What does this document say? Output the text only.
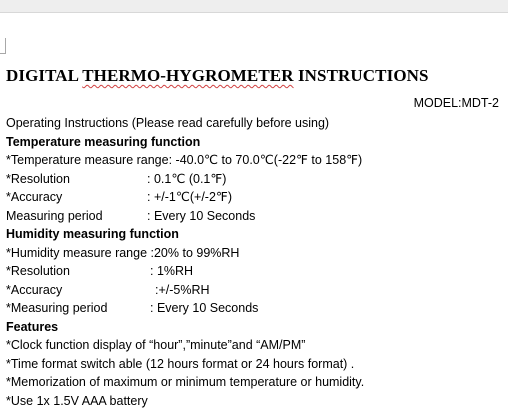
DIGITAL THERMO-HYGROMETER INSTRUCTIONS
MODEL:MDT-2
Operating Instructions (Please read carefully before using)
Temperature measuring function
*Temperature measure range: -40.0℃ to 70.0℃(-22℉ to 158℉)
*Resolution	: 0.1℃ (0.1℉)
*Accuracy	: +/-1℃(+/-2℉)
Measuring period	: Every 10 Seconds
Humidity measuring function
*Humidity measure range :20% to 99%RH
*Resolution	: 1%RH
*Accuracy	:+/-5%RH
*Measuring period	: Every 10 Seconds
Features
*Clock function display of “hour”,”minute”and “AM/PM”
*Time format switch able (12 hours format or 24 hours format) .
*Memorization of maximum or minimum temperature or humidity.
*Use 1x 1.5V AAA battery
